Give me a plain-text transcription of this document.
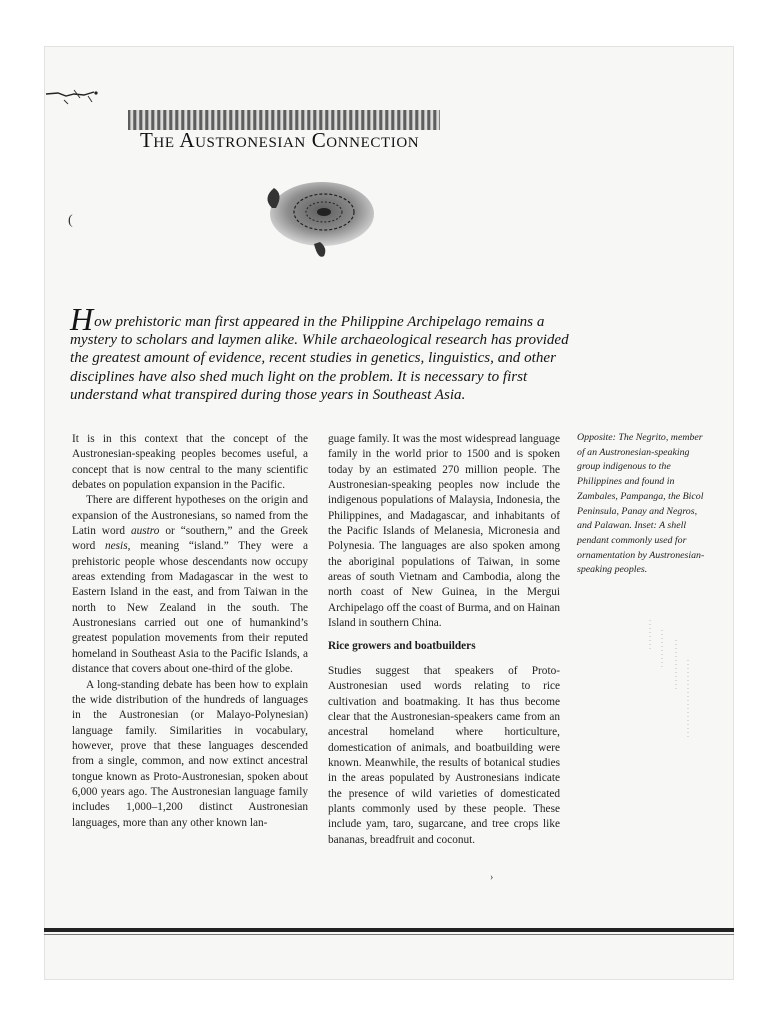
The Austronesian Connection
(
How prehistoric man first appeared in the Philippine Archipelago remains a mystery to scholars and laymen alike. While archaeological research has provided the greatest amount of evidence, recent studies in genetics, linguistics, and other disciplines have also shed much light on the problem. It is necessary to first understand what transpired during those years in Southeast Asia.

It is in this context that the concept of the Austronesian-speaking peoples becomes useful, a concept that is now central to the many scientific debates on population expansion in the Pacific.

There are different hypotheses on the origin and expansion of the Austronesians, so named from the Latin word austro or “southern,” and the Greek word nesis, meaning “island.” They were a prehistoric people whose descendants now occupy areas extending from Madagascar in the west to Eastern Island in the east, and from Taiwan in the north to New Zealand in the south. The Austronesians carried out one of humankind’s greatest population movements from their reputed homeland in Southeast Asia to the Pacific Islands, a distance that covers about one-third of the globe.

A long-standing debate has been how to explain the wide distribution of the hundreds of languages in the Austronesian (or Malayo-Polynesian) language family. Similarities in vocabulary, however, prove that these languages descended from a single, common, and now extinct ancestral tongue known as Proto-Austronesian, spoken about 6,000 years ago. The Austronesian language family includes 1,000–1,200 distinct Austronesian languages, more than any other known lan-

guage family. It was the most widespread language family in the world prior to 1500 and is spoken today by an estimated 270 million people. The Austronesian-speaking peoples now include the indigenous populations of Malaysia, Indonesia, the Philippines, and Madagascar, and inhabitants of the Pacific Islands of Melanesia, Micronesia and Polynesia. The languages are also spoken among the aboriginal populations of Taiwan, in some areas of south Vietnam and Cambodia, along the north coast of New Guinea, in the Mergui Archipelago off the coast of Burma, and on Hainan Island in southern China.

Rice growers and boatbuilders

Studies suggest that speakers of Proto-Austronesian used words relating to rice cultivation and boatmaking. It has thus become clear that the Austronesian-speakers came from an ancestral homeland where horticulture, domestication of animals, and boatbuilding were known. Meanwhile, the results of botanical studies in the areas populated by Austronesians indicate the presence of wild varieties of domesticated plants commonly used by these people. These include yam, taro, sugarcane, and tree crops like bananas, breadfruit and coconut.

Opposite: The Negrito, member of an Austronesian-speaking group indigenous to the Philippines and found in Zambales, Pampanga, the Bicol Peninsula, Panay and Negros, and Palawan. Inset: A shell pendant commonly used for ornamentation by Austronesian-speaking peoples.
›
